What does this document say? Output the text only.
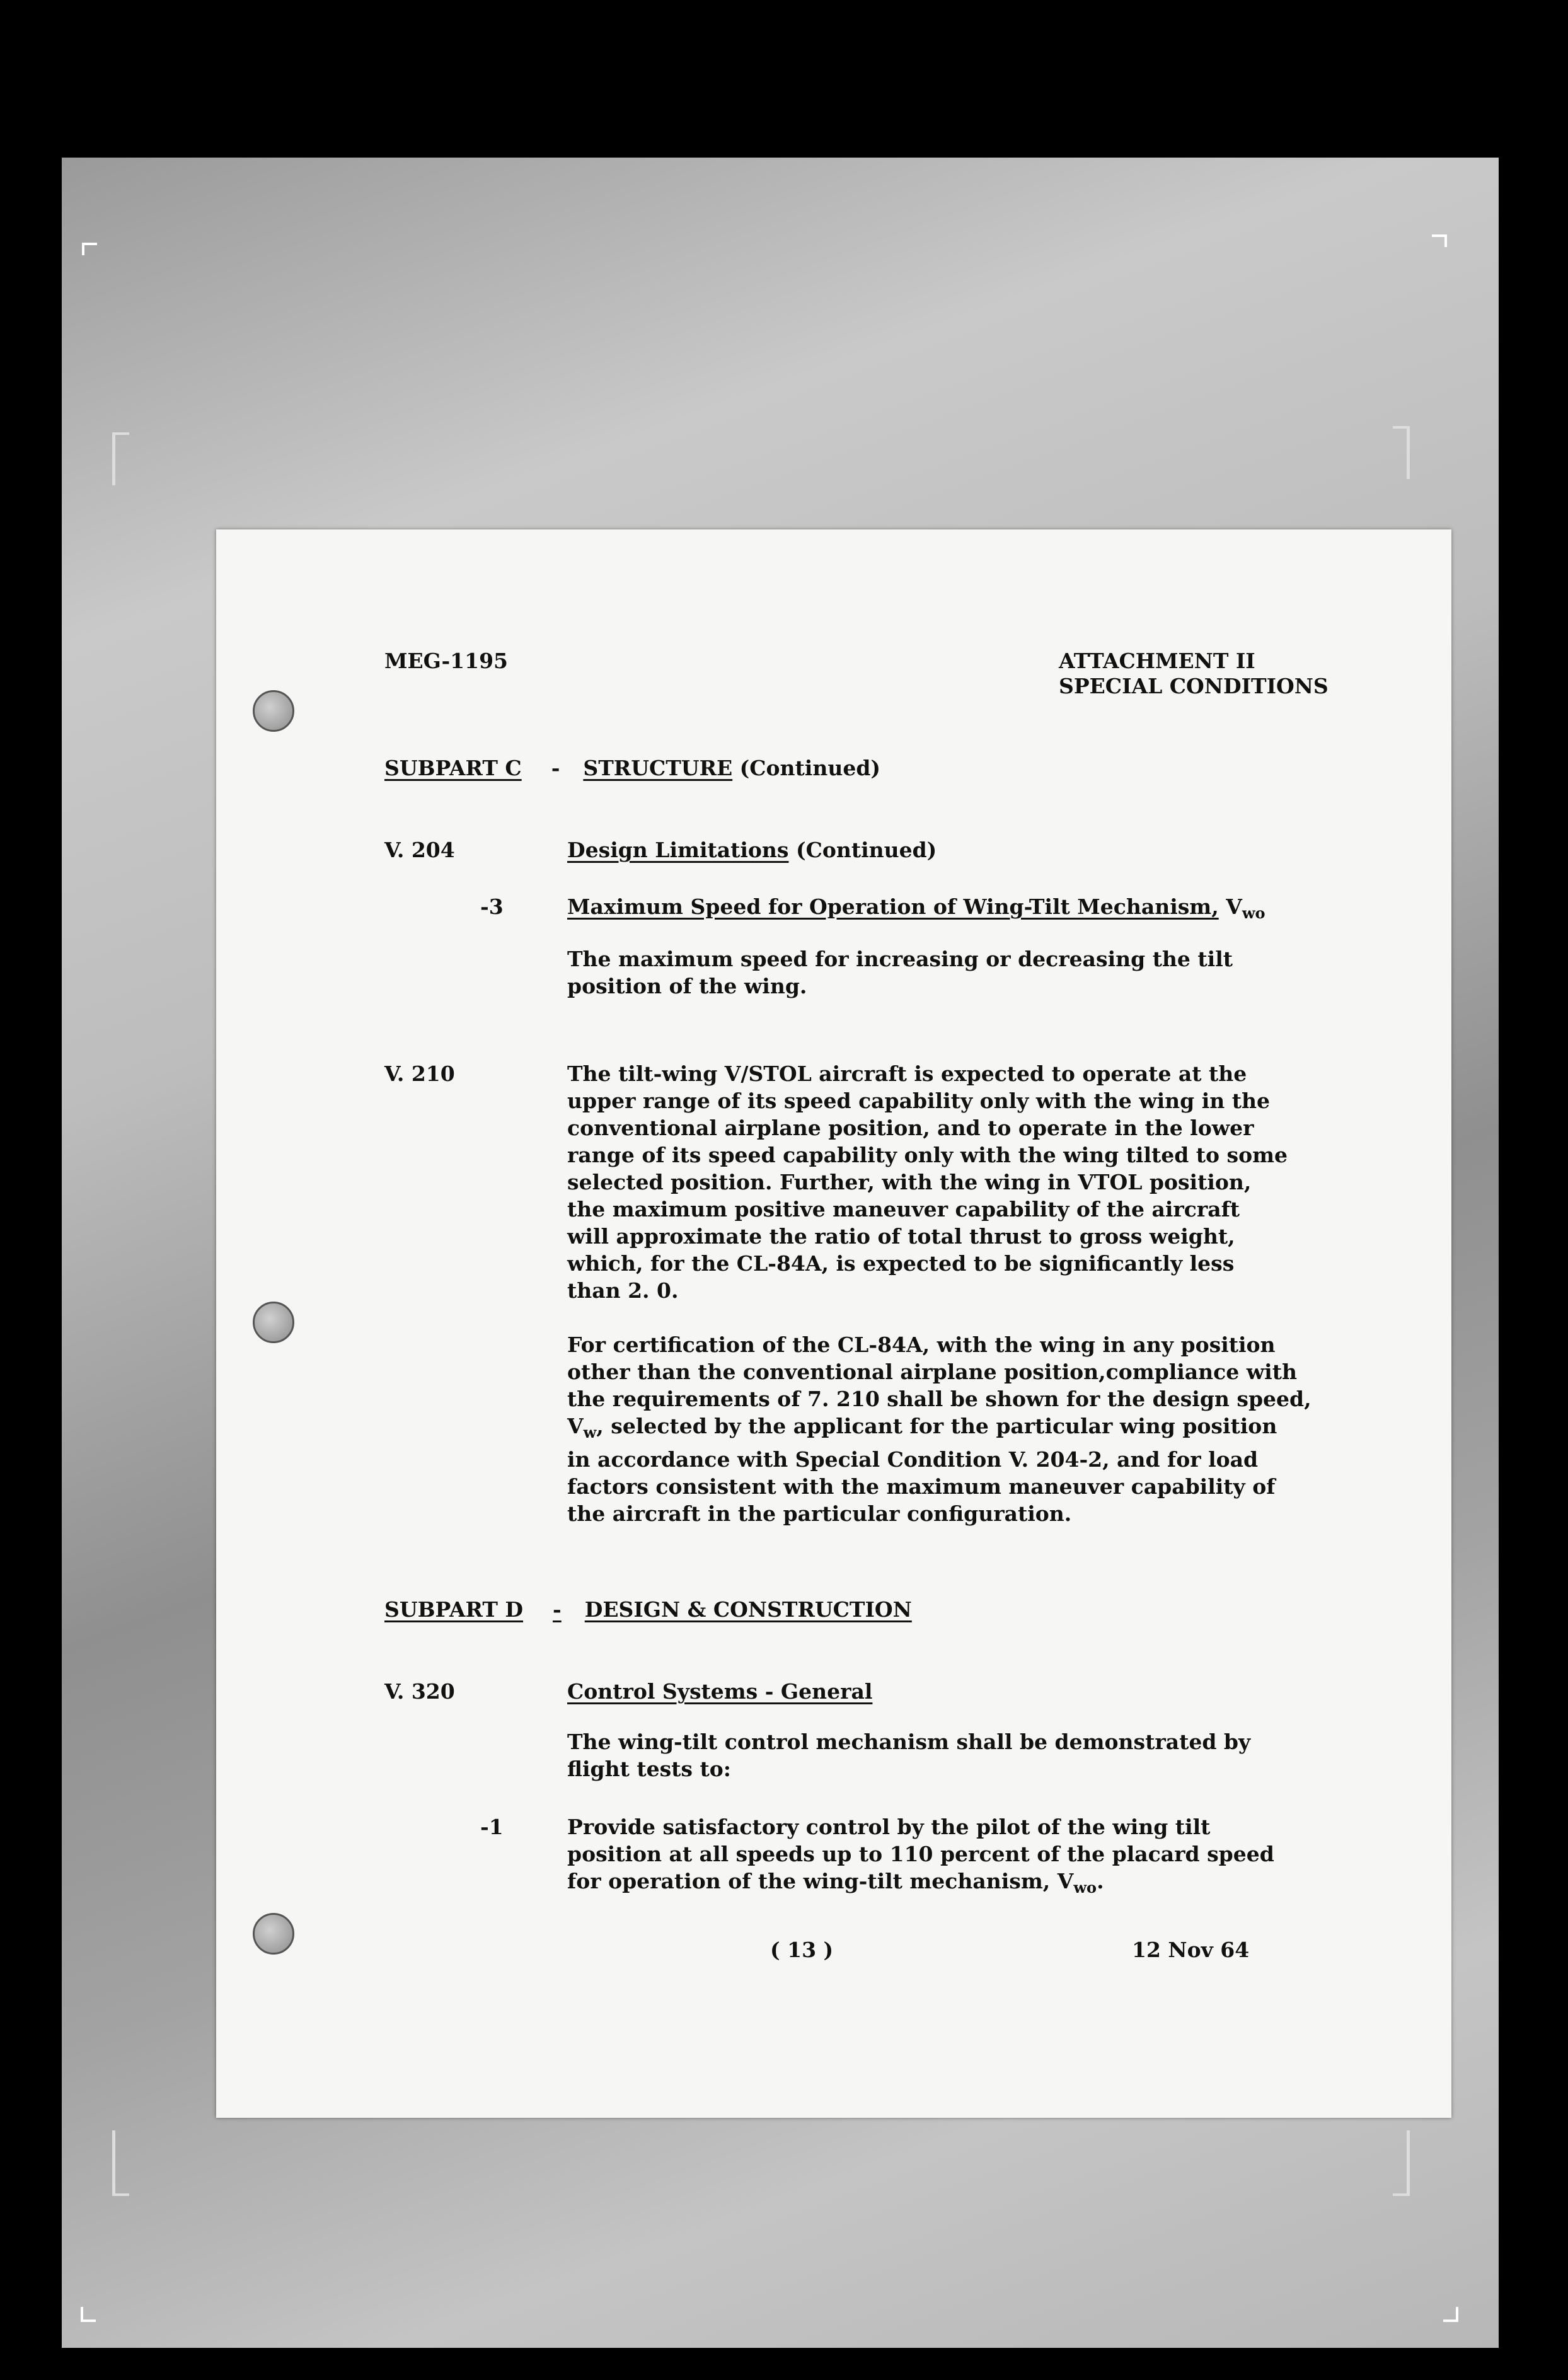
MEG-1195	ATTACHMENT II
SPECIAL CONDITIONS
SUBPART C - STRUCTURE (Continued)
V. 204	Design Limitations (Continued)
-3	Maximum Speed for Operation of Wing-Tilt Mechanism, $V_{wo}$
The maximum speed for increasing or decreasing the tilt
position of the wing.
V. 210	The tilt-wing V/STOL aircraft is expected to operate at the
upper range of its speed capability only with the wing in the
conventional airplane position, and to operate in the lower
range of its speed capability only with the wing tilted to some
selected position. Further, with the wing in VTOL position,
the maximum positive maneuver capability of the aircraft
will approximate the ratio of total thrust to gross weight,
which, for the CL-84A, is expected to be significantly less
than 2. 0.
For certification of the CL-84A, with the wing in any position
other than the conventional airplane position,compliance with
the requirements of 7. 210 shall be shown for the design speed,
$V_w$, selected by the applicant for the particular wing position
in accordance with Special Condition V. 204-2, and for load
factors consistent with the maximum maneuver capability of
the aircraft in the particular configuration.
SUBPART D - DESIGN & CONSTRUCTION
V. 320	Control Systems - General
The wing-tilt control mechanism shall be demonstrated by
flight tests to:
-1	Provide satisfactory control by the pilot of the wing tilt
position at all speeds up to 110 percent of the placard speed
for operation of the wing-tilt mechanism, $V_{wo}$.
( 13 )	12 Nov 64
